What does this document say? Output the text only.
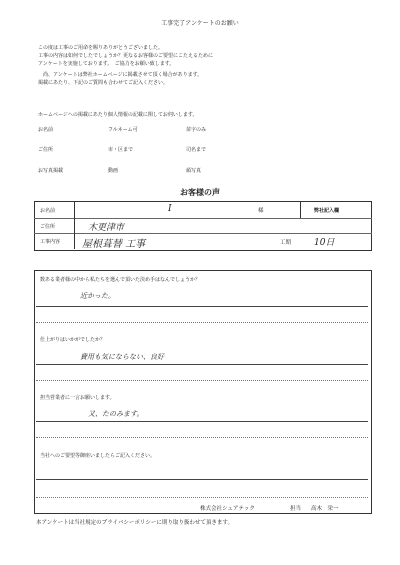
工事完了アンケートのお願い
この度は工事のご用命を賜りありがとうございました。
工事の内容は如何でしたでしょうか？更なるお客様のご要望にこたえるために
アンケートを実施しております。　ご協力をお願い致します。
　尚、アンケートは弊社ホームページに掲載させて頂く場合があります。
掲載にあたり、下記のご質問も合わせてご記入ください。
ホームページへの掲載にあたり個人情報の記載に関してお伺いします。
お名前	フルネーム可	苗字のみ
ご住所	市・区まで	司名まで
お写真掲載	動画	顔写真
お客様の声
お名前	I	様	弊社記入欄
ご住所	木更津市
工事内容 屋根葺替 工事	工期	10日
数ある業者様の中から私たちを選んで頂いた決め手はなんでしょうか？
近かった。
仕上がりはいかがでしたか？
費用も気にならない、良好
担当営業者に一言お願いします。
又、たのみます。
当社へのご要望等御座いましたらご記入ください。
株式会社シェアテック	担当 高木　栄一
本アンケートは当社規定のプライバシーポリシーに則り取り扱わせて頂きます。
